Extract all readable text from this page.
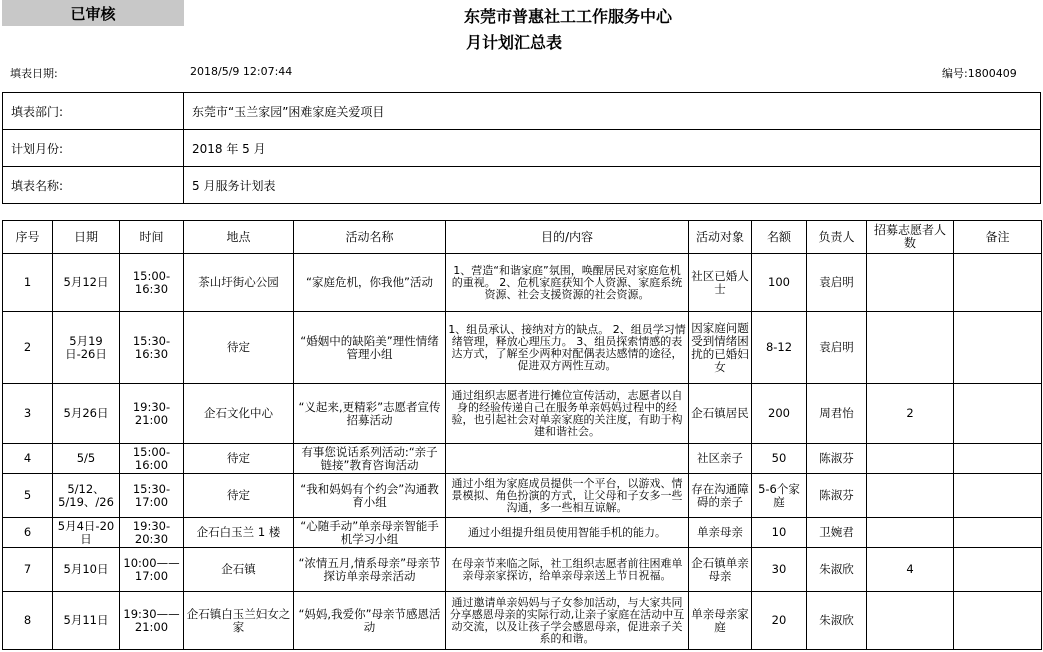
已审核	东莞市普惠社工工作服务中心
月计划汇总表
填表日期:	2018/5/9 12:07:44	编号:1800409
填表部门:	东莞市“玉兰家园”困难家庭关爱项目
计划月份:	2018 年 5 月
填表名称:	5 月服务计划表
序号	日期	时间	地点	活动名称	目的/内容	活动对象	名额	负责人	招募志愿者人数	备注
1	5月12日	15:00-16:30	茶山圩街心公园	“家庭危机，你我他”活动	1、营造“和谐家庭”氛围，唤醒居民对家庭危机的重视。 2、危机家庭获知个人资源、家庭系统资源、社会支援资源的社会资源。	社区已婚人士	100	袁启明		
2	5月19日-26日	15:30-16:30	待定	“婚姻中的缺陷美”理性情绪管理小组	1、组员承认、接纳对方的缺点。 2、组员学习情绪管理，释放心理压力。 3、组员探索情感的表达方式，了解至少两种对配偶表达感情的途径，促进双方两性互动。	因家庭问题受到情绪困扰的已婚妇女	8-12	袁启明		
3	5月26日	19:30-21:00	企石文化中心	“义起来,更精彩”志愿者宣传招募活动	通过组织志愿者进行摊位宣传活动，志愿者以自身的经验传递自己在服务单亲妈妈过程中的经验，也引起社会对单亲家庭的关注度，有助于构建和谐社会。	企石镇居民	200	周君怡	2	
4	5/5	15:00-16:00	待定	有事您说话系列活动:“亲子链接”教育咨询活动		社区亲子	50	陈淑芬		
5	5/12、5/19、/26	15:30-17:00	待定	“我和妈妈有个约会”沟通教育小组	通过小组为家庭成员提供一个平台，以游戏、情景模拟、角色扮演的方式，让父母和子女多一些沟通，多一些相互谅解。	存在沟通障碍的亲子	5-6个家庭	陈淑芬		
6	5月4日-20日	19:30-20:30	企石白玉兰 1 楼	“心随手动”单亲母亲智能手机学习小组	通过小组提升组员使用智能手机的能力。	单亲母亲	10	卫婉君		
7	5月10日	10:00——17:00	企石镇	“浓情五月,情系母亲”母亲节探访单亲母亲活动	在母亲节来临之际，社工组织志愿者前往困难单亲母亲家探访，给单亲母亲送上节日祝福。	企石镇单亲母亲	30	朱淑欣	4	
8	5月11日	19:30——21:00	企石镇白玉兰妇女之家	“妈妈,我爱你”母亲节感恩活动	通过邀请单亲妈妈与子女参加活动，与大家共同分享感恩母亲的实际行动,让亲子家庭在活动中互动交流，以及让孩子学会感恩母亲，促进亲子关系的和谐。	单亲母亲家庭	20	朱淑欣		
